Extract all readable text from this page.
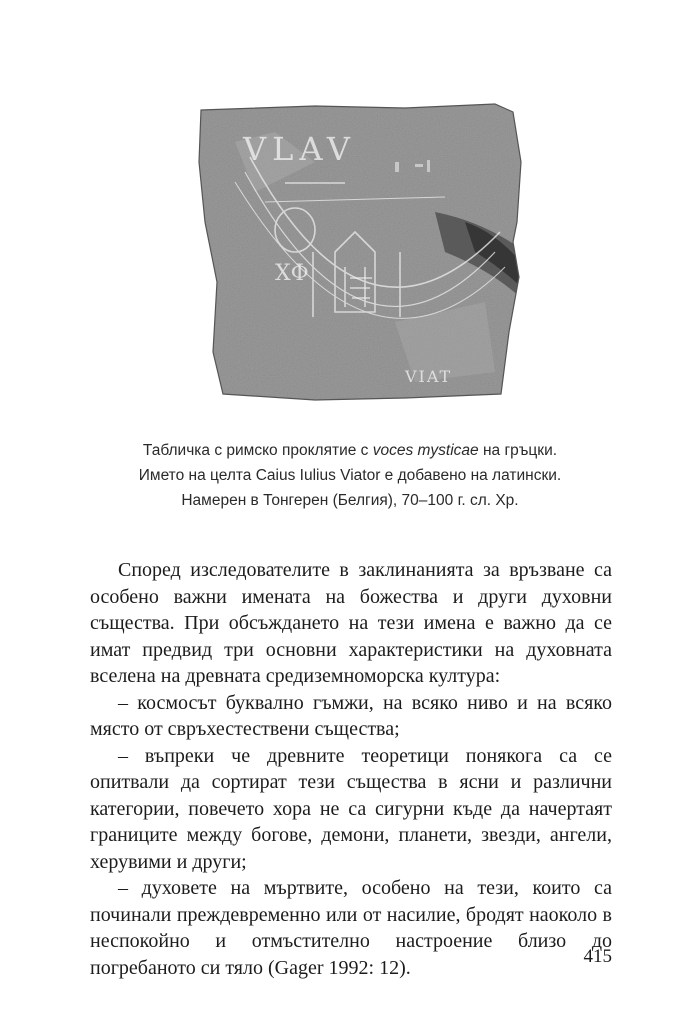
VLAV
XΦ
VIAT
Табличка с римско проклятие с voces mysticae на гръцки.
Името на целта Caius Iulius Viator е добавено на латински.
Намерен в Тонгерен (Белгия), 70–100 г. сл. Хр.

Според изследователите в заклинанията за връзване са особено важни имената на божества и други духовни същества. При обсъждането на тези имена е важно да се имат предвид три основни характеристики на духовната вселена на древната средиземноморска култура:

– космосът буквално гъмжи, на всяко ниво и на всяко място от свръхестествени същества;

– въпреки че древните теоретици понякога са се опитвали да сортират тези същества в ясни и различни категории, повечето хора не са сигурни къде да начертаят границите между богове, демони, планети, звезди, ангели, херувими и други;

– духовете на мъртвите, особено на тези, които са починали преждевременно или от насилие, бродят наоколо в неспокойно и отмъстително настроение близо до погребаното си тяло (Gager 1992: 12).	415
